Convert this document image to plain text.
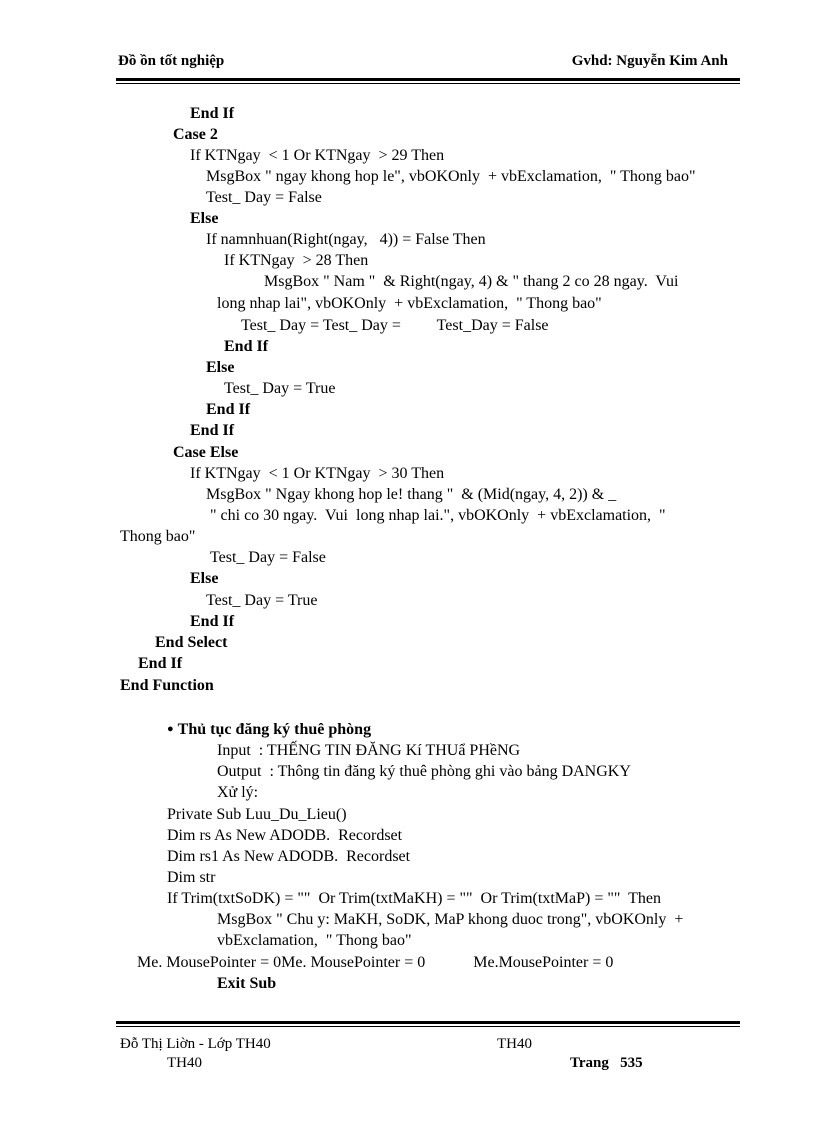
Đồ ồn tốt nghiệp	Gvhd: Nguyễn Kim Anh
End If
Case 2
If KTNgay  < 1 Or KTNgay  > 29 Then
MsgBox " ngay khong hop le", vbOKOnly  + vbExclamation,  " Thong bao"
Test_ Day = False
Else
If namnhuan(Right(ngay,   4)) = False Then
If KTNgay  > 28 Then
MsgBox " Nam "  & Right(ngay, 4) & " thang 2 co 28 ngay.  Vui
long nhap lai", vbOKOnly  + vbExclamation,  " Thong bao"
Test_ Day = Test_ Day =         Test_Day = False
End If
Else
Test_ Day = True
End If
End If
Case Else
If KTNgay  < 1 Or KTNgay  > 30 Then
MsgBox " Ngay khong hop le! thang "  & (Mid(ngay, 4, 2)) & _
" chi co 30 ngay.  Vui  long nhap lai.", vbOKOnly  + vbExclamation,  "
Thong bao"
Test_ Day = False
Else
Test_ Day = True
End If
End Select
End If
End Function
● Thủ tục đăng ký thuê phòng
Input  : THẾNG TIN ĐĂNG Kí THUẩ PHềNG
Output  : Thông tin đăng ký thuê phòng ghi vào bảng DANGKY
Xử lý:
Private Sub Luu_Du_Lieu()
Dim rs As New ADODB.  Recordset
Dim rs1 As New ADODB.  Recordset
Dim str
If Trim(txtSoDK) = ""  Or Trim(txtMaKH) = ""  Or Trim(txtMaP) = ""  Then
MsgBox " Chu y: MaKH, SoDK, MaP khong duoc trong", vbOKOnly  +
vbExclamation,  " Thong bao"
Me. MousePointer = 0Me. MousePointer = 0            Me.MousePointer = 0
Exit Sub
Đỗ Thị Liờn - Lớp TH40	TH40
TH40	Trang   535
